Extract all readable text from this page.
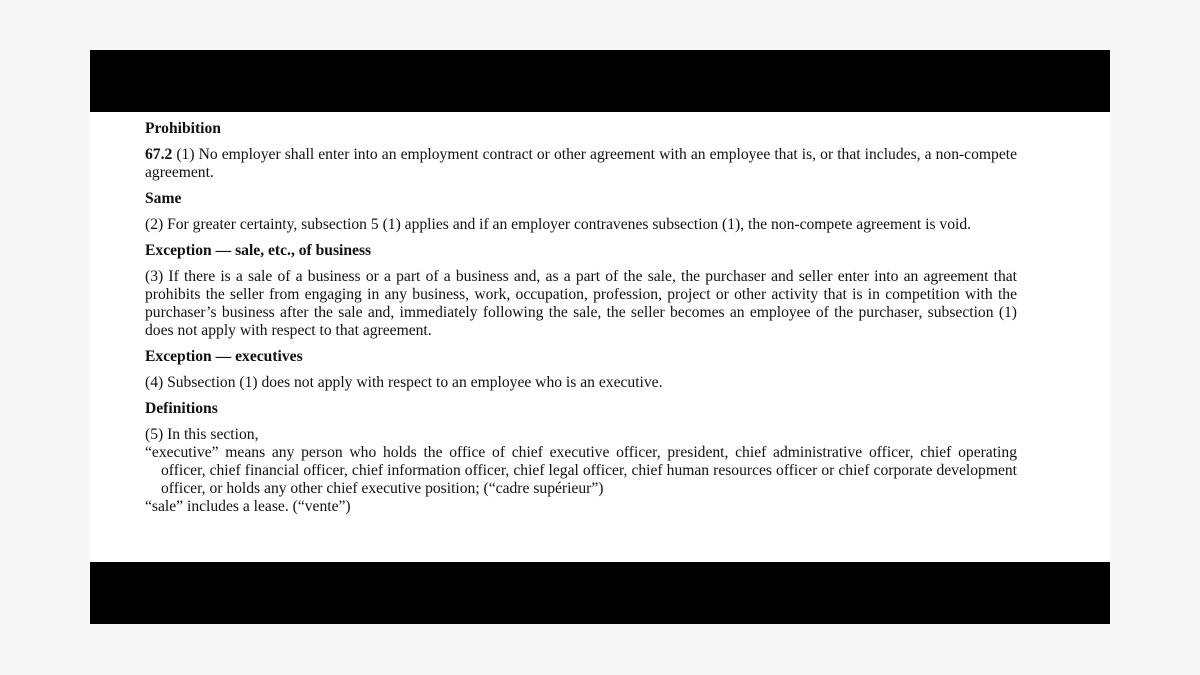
Prohibition

67.2 (1) No employer shall enter into an employment contract or other agreement with an employee that is, or that includes, a non-compete agreement.

Same

(2) For greater certainty, subsection 5 (1) applies and if an employer contravenes subsection (1), the non-compete agreement is void.

Exception — sale, etc., of business

(3) If there is a sale of a business or a part of a business and, as a part of the sale, the purchaser and seller enter into an agreement that prohibits the seller from engaging in any business, work, occupation, profession, project or other activity that is in competition with the purchaser’s business after the sale and, immediately following the sale, the seller becomes an employee of the purchaser, subsection (1) does not apply with respect to that agreement.

Exception — executives

(4) Subsection (1) does not apply with respect to an employee who is an executive.

Definitions

(5) In this section,

“executive” means any person who holds the office of chief executive officer, president, chief administrative officer, chief operating officer, chief financial officer, chief information officer, chief legal officer, chief human resources officer or chief corporate development officer, or holds any other chief executive position; (“cadre supérieur”)

“sale” includes a lease. (“vente”)
